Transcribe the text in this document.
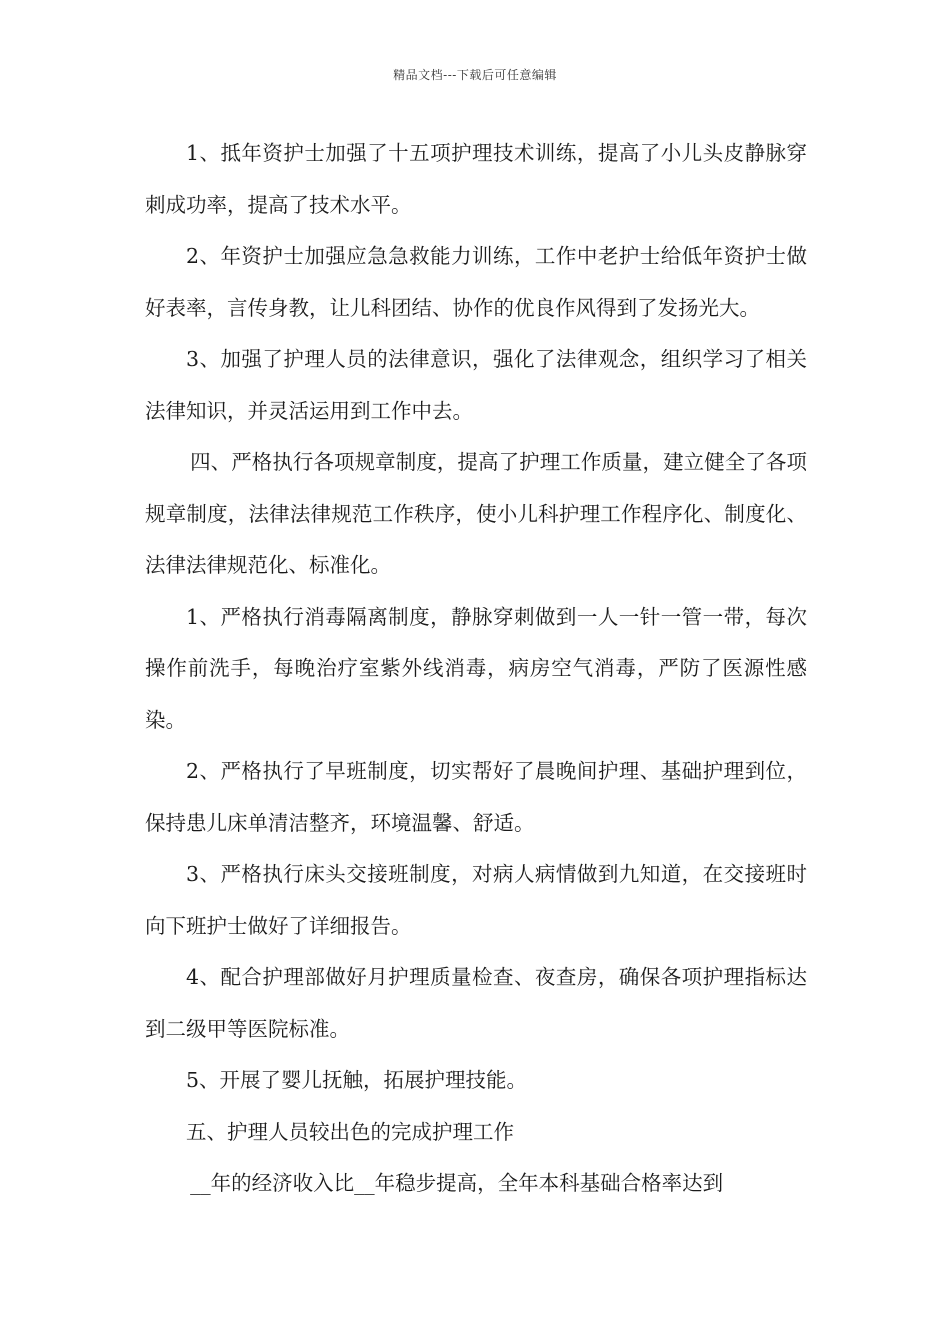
精品文档---下载后可任意编辑

1、抵年资护士加强了十五项护理技术训练，提高了小儿头皮静脉穿刺成功率，提高了技术水平。

2、年资护士加强应急急救能力训练，工作中老护士给低年资护士做好表率，言传身教，让儿科团结、协作的优良作风得到了发扬光大。

3、加强了护理人员的法律意识，强化了法律观念，组织学习了相关法律知识，并灵活运用到工作中去。

四、严格执行各项规章制度，提高了护理工作质量，建立健全了各项规章制度，法律法律规范工作秩序，使小儿科护理工作程序化、制度化、法律法律规范化、标准化。

1、严格执行消毒隔离制度，静脉穿刺做到一人一针一管一带，每次操作前洗手，每晚治疗室紫外线消毒，病房空气消毒，严防了医源性感染。

2、严格执行了早班制度，切实帮好了晨晚间护理、基础护理到位，保持患儿床单清洁整齐，环境温馨、舒适。

3、严格执行床头交接班制度，对病人病情做到九知道，在交接班时向下班护士做好了详细报告。

4、配合护理部做好月护理质量检查、夜查房，确保各项护理指标达到二级甲等医院标准。

5、开展了婴儿抚触，拓展护理技能。

五、护理人员较出色的完成护理工作

__年的经济收入比__年稳步提高，全年本科基础合格率达到
